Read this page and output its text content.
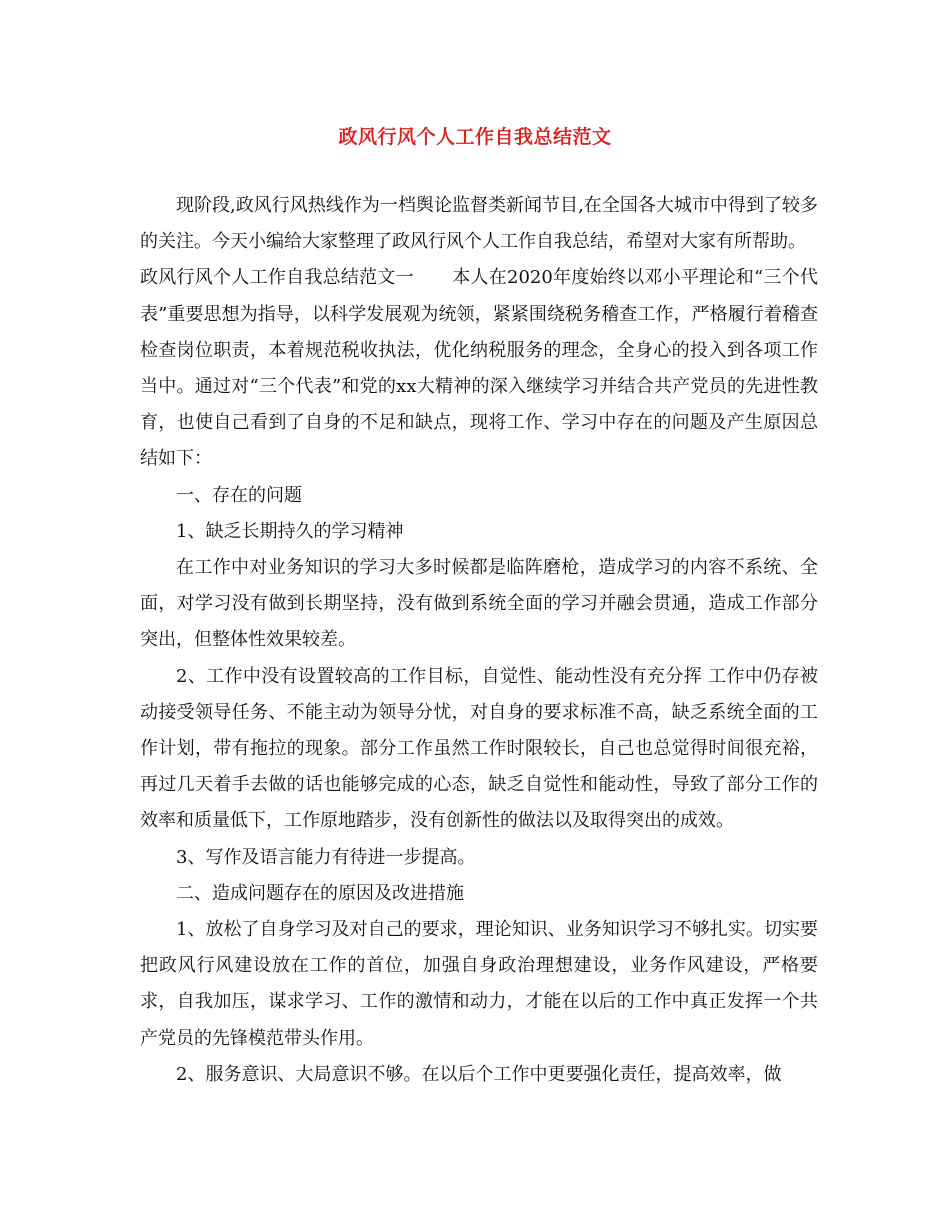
政风行风个人工作自我总结范文

现阶段,政风行风热线作为一档舆论监督类新闻节目,在全国各大城市中得到了较多的关注。今天小编给大家整理了政风行风个人工作自我总结，希望对大家有所帮助。

政风行风个人工作自我总结范文一 本人在2020年度始终以邓小平理论和“三个代表”重要思想为指导，以科学发展观为统领，紧紧围绕税务稽查工作，严格履行着稽查检查岗位职责，本着规范税收执法，优化纳税服务的理念，全身心的投入到各项工作当中。通过对“三个代表”和党的xx大精神的深入继续学习并结合共产党员的先进性教育，也使自己看到了自身的不足和缺点，现将工作、学习中存在的问题及产生原因总结如下：

一、存在的问题

1、缺乏长期持久的学习精神

在工作中对业务知识的学习大多时候都是临阵磨枪，造成学习的内容不系统、全面，对学习没有做到长期坚持，没有做到系统全面的学习并融会贯通，造成工作部分突出，但整体性效果较差。

2、工作中没有设置较高的工作目标，自觉性、能动性没有充分挥 工作中仍存被动接受领导任务、不能主动为领导分忧，对自身的要求标准不高，缺乏系统全面的工作计划，带有拖拉的现象。部分工作虽然工作时限较长，自己也总觉得时间很充裕，再过几天着手去做的话也能够完成的心态，缺乏自觉性和能动性，导致了部分工作的效率和质量低下，工作原地踏步，没有创新性的做法以及取得突出的成效。

3、写作及语言能力有待进一步提高。

二、造成问题存在的原因及改进措施

1、放松了自身学习及对自己的要求，理论知识、业务知识学习不够扎实。切实要把政风行风建设放在工作的首位，加强自身政治理想建设，业务作风建设，严格要求，自我加压，谋求学习、工作的激情和动力，才能在以后的工作中真正发挥一个共产党员的先锋模范带头作用。

2、服务意识、大局意识不够。在以后个工作中更要强化责任，提高效率，做
